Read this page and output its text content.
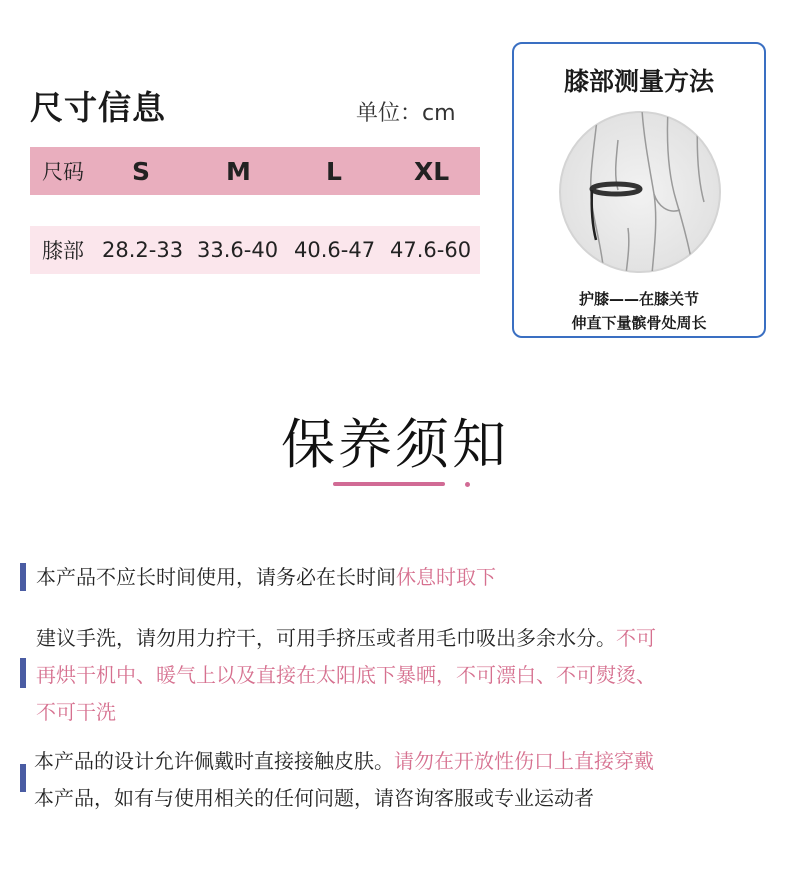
尺寸信息	单位：cm
尺码 S	M	L	XL
膝部 28.2-33 33.6-40 40.6-47 47.6-60
膝部测量方法
护膝——在膝关节
伸直下量髌骨处周长
保养须知
本产品不应长时间使用，请务必在长时间休息时取下
建议手洗，请勿用力拧干，可用手挤压或者用毛巾吸出多余水分。不可
再烘干机中、暖气上以及直接在太阳底下暴晒，不可漂白、不可熨烫、
不可干洗
本产品的设计允许佩戴时直接接触皮肤。请勿在开放性伤口上直接穿戴
本产品，如有与使用相关的任何问题，请咨询客服或专业运动者
